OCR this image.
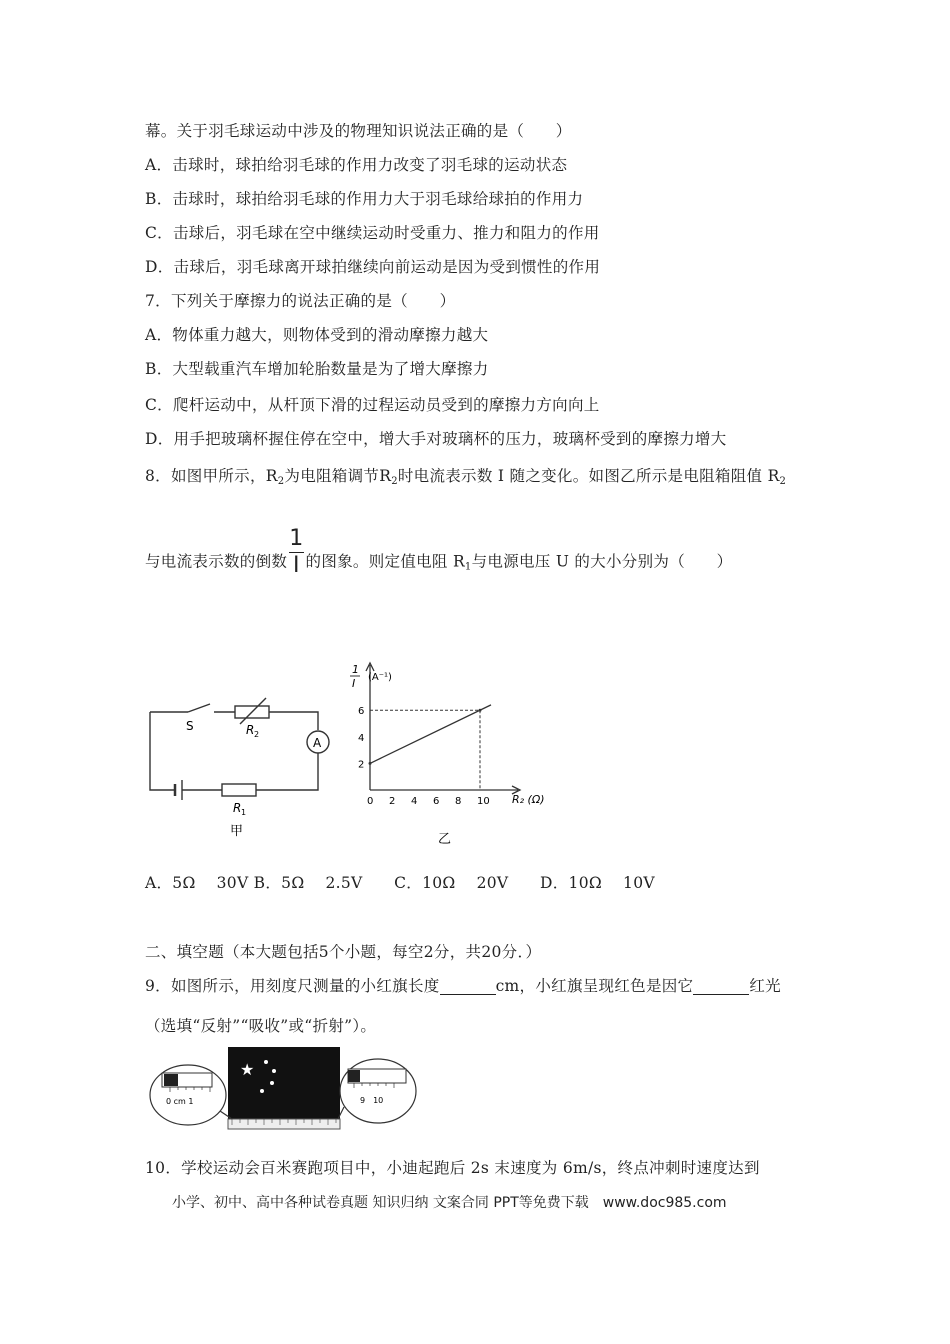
幕。关于羽毛球运动中涉及的物理知识说法正确的是（　　）
A．击球时，球拍给羽毛球的作用力改变了羽毛球的运动状态
B．击球时，球拍给羽毛球的作用力大于羽毛球给球拍的作用力
C．击球后，羽毛球在空中继续运动时受重力、推力和阻力的作用
D．击球后，羽毛球离开球拍继续向前运动是因为受到惯性的作用
7．下列关于摩擦力的说法正确的是（　　）
A．物体重力越大，则物体受到的滑动摩擦力越大
B．大型载重汽车增加轮胎数量是为了增大摩擦力
C．爬杆运动中，从杆顶下滑的过程运动员受到的摩擦力方向向上
D．用手把玻璃杯握住停在空中，增大手对玻璃杯的压力，玻璃杯受到的摩擦力增大
8．如图甲所示，$R_2$为电阻箱调节$R_2$时电流表示数 I 随之变化。如图乙所示是电阻箱阻值 $R_2$
与电流表示数的倒数 $\frac{1}{I}$ 的图象。则定值电阻 $R_1$与电源电压 U 的大小分别为（　　）
S	R 2
A
R 1
甲
1
I (A⁻¹)
R₂ (Ω)
0 2 4 6 8 10
2
4
6
乙
A．5Ω　 30V B．5Ω　 2.5V　　C．10Ω　 20V　　D．10Ω　 10V
二、填空题（本大题包括5个小题，每空2分，共20分．）
9．如图所示，用刻度尺测量的小红旗长度	cm，小红旗呈现红色是因它	红光
（选填“反射”“吸收”或“折射”）。
★
0 cm 1	9　10
10．学校运动会百米赛跑项目中，小迪起跑后 2s 末速度为 6m/s，终点冲刺时速度达到
小学、初中、高中各种试卷真题 知识归纳 文案合同 PPT等免费下载　www.doc985.com
